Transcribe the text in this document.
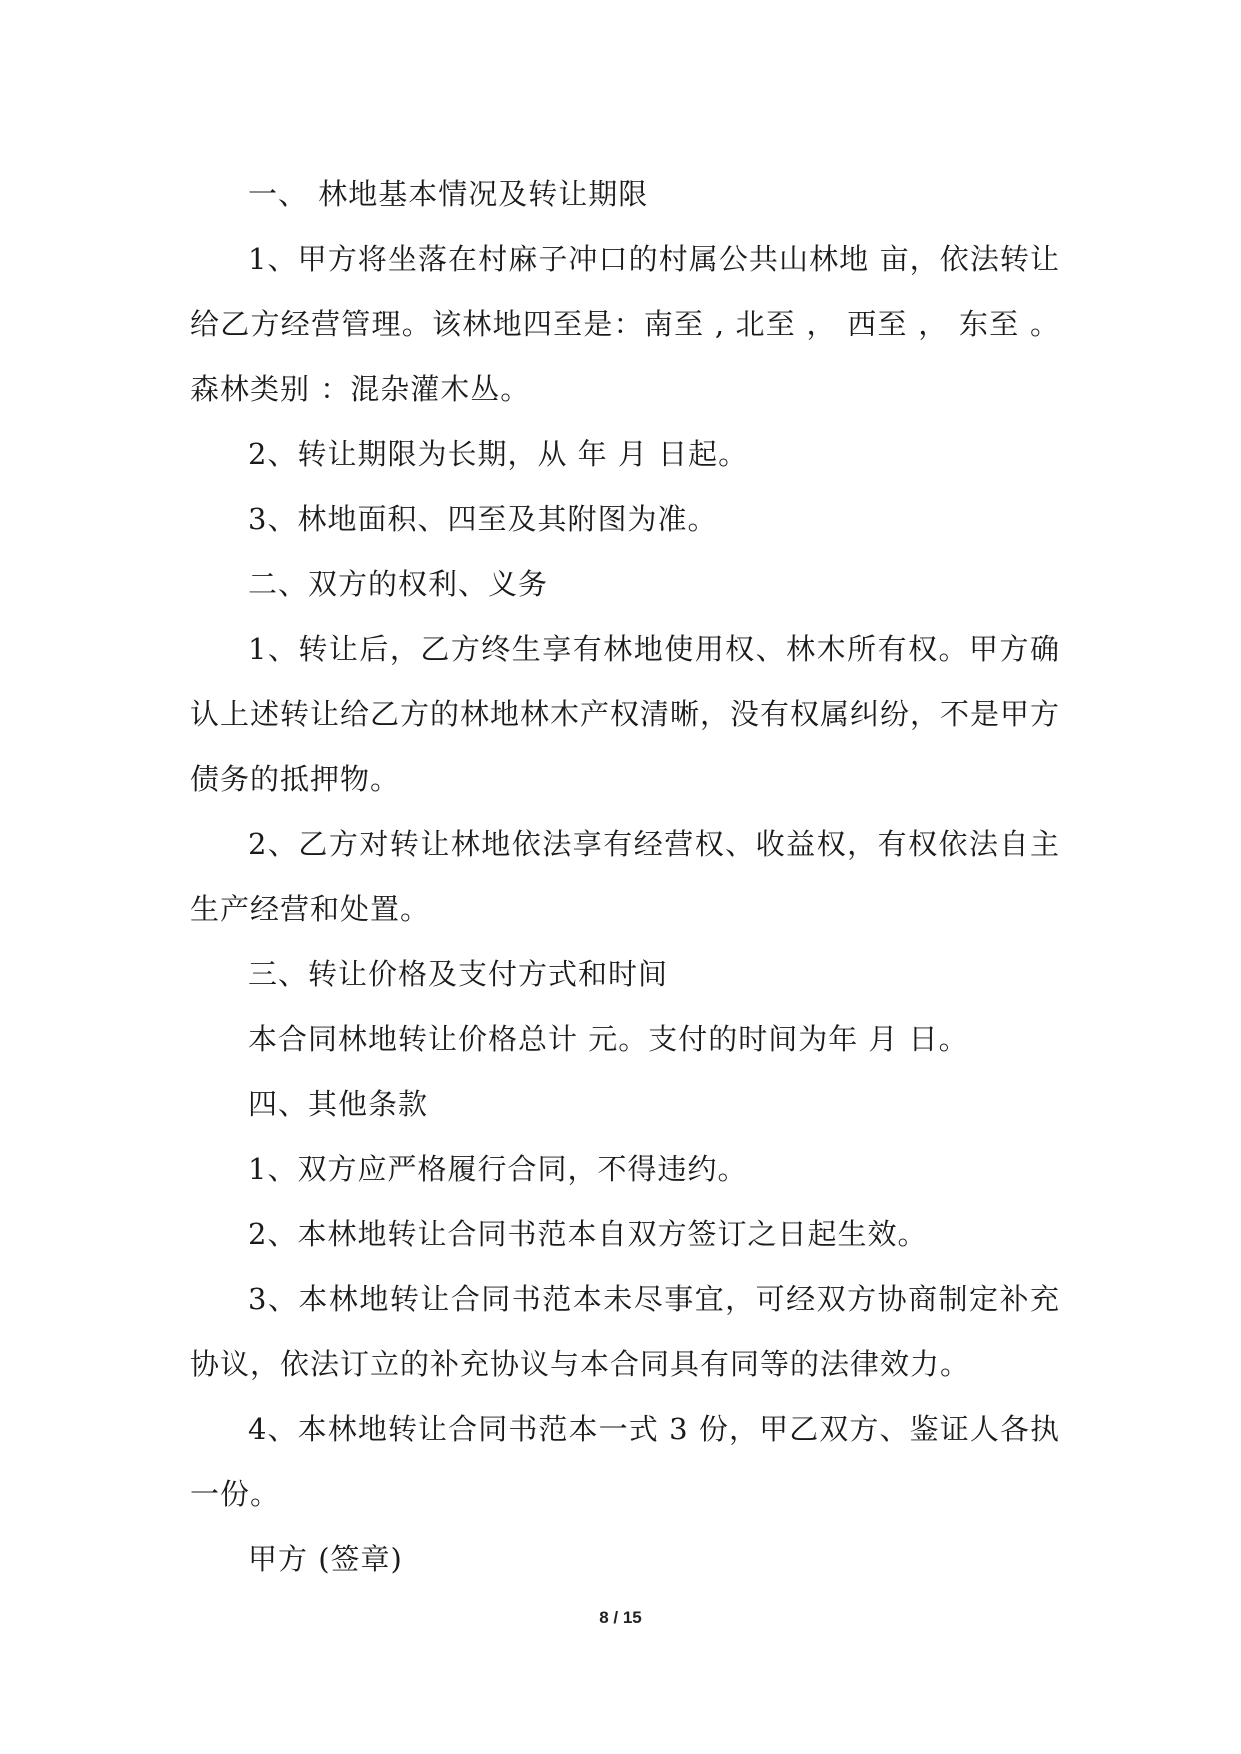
一、 林地基本情况及转让期限

1、甲方将坐落在村麻子冲口的村属公共山林地 亩，依法转让给乙方经营管理。该林地四至是：南至 , 北至 ， 西至 ， 东至 。森林类别 ：混杂灌木丛。

2、转让期限为长期，从 年 月 日起。

3、林地面积、四至及其附图为准。

二、双方的权利、义务

1、转让后，乙方终生享有林地使用权、林木所有权。甲方确认上述转让给乙方的林地林木产权清晰，没有权属纠纷，不是甲方债务的抵押物。

2、乙方对转让林地依法享有经营权、收益权，有权依法自主生产经营和处置。

三、转让价格及支付方式和时间

本合同林地转让价格总计 元。支付的时间为年 月 日。

四、其他条款

1、双方应严格履行合同，不得违约。

2、本林地转让合同书范本自双方签订之日起生效。

3、本林地转让合同书范本未尽事宜，可经双方协商制定补充协议，依法订立的补充协议与本合同具有同等的法律效力。

4、本林地转让合同书范本一式 3 份，甲乙双方、鉴证人各执一份。

甲方 (签章)

8 / 15
